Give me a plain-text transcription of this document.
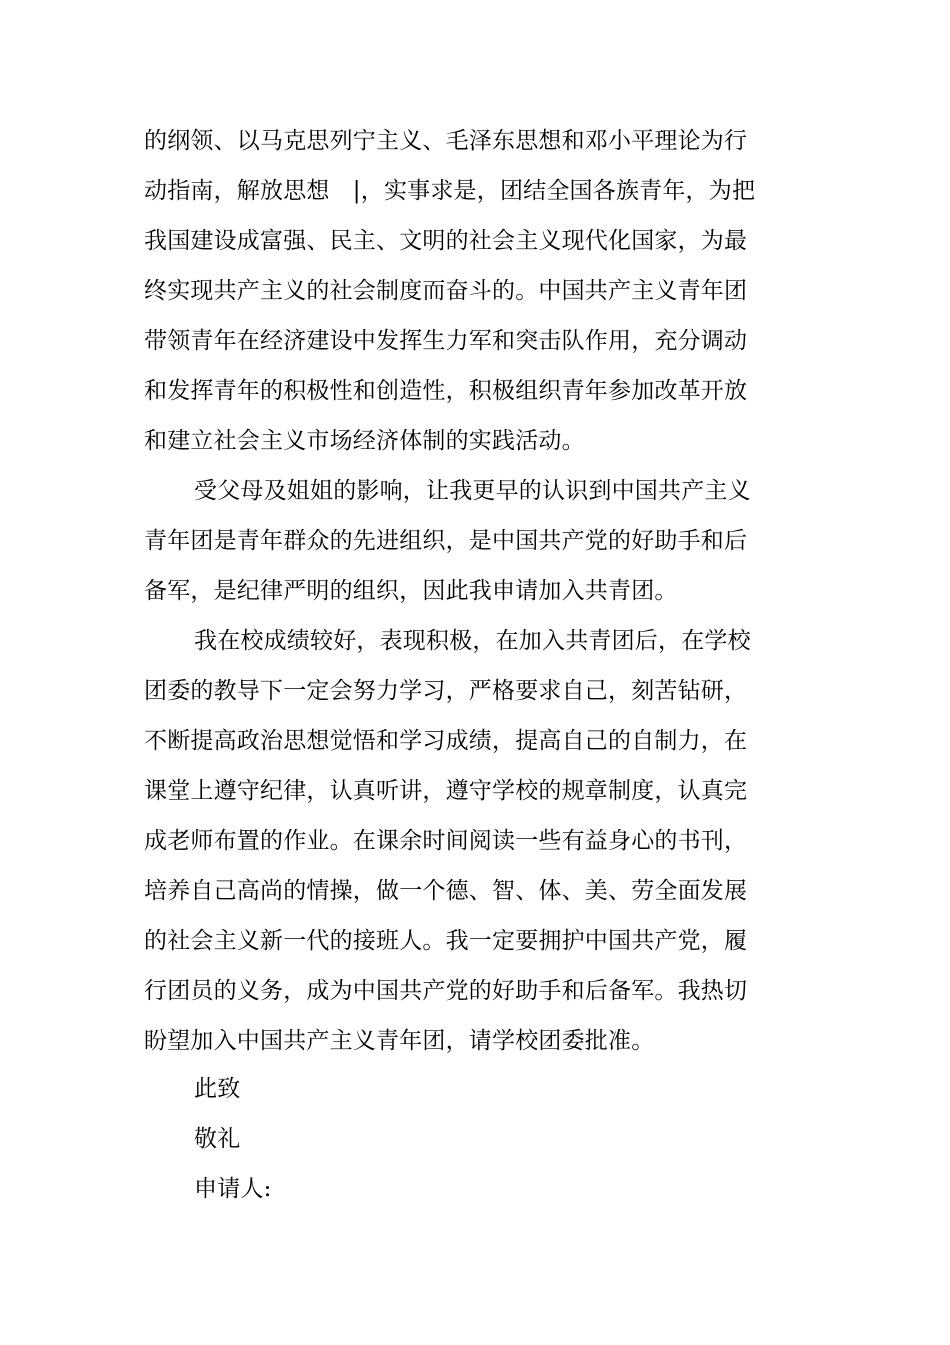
的纲领、以马克思列宁主义、毛泽东思想和邓小平理论为行
动指南，解放思想　|，实事求是，团结全国各族青年，为把
我国建设成富强、民主、文明的社会主义现代化国家，为最
终实现共产主义的社会制度而奋斗的。中国共产主义青年团
带领青年在经济建设中发挥生力军和突击队作用，充分调动
和发挥青年的积极性和创造性，积极组织青年参加改革开放
和建立社会主义市场经济体制的实践活动。
受父母及姐姐的影响，让我更早的认识到中国共产主义
青年团是青年群众的先进组织，是中国共产党的好助手和后
备军，是纪律严明的组织，因此我申请加入共青团。
我在校成绩较好，表现积极，在加入共青团后，在学校
团委的教导下一定会努力学习，严格要求自己，刻苦钻研，
不断提高政治思想觉悟和学习成绩，提高自己的自制力，在
课堂上遵守纪律，认真听讲，遵守学校的规章制度，认真完
成老师布置的作业。在课余时间阅读一些有益身心的书刊，
培养自己高尚的情操，做一个德、智、体、美、劳全面发展
的社会主义新一代的接班人。我一定要拥护中国共产党，履
行团员的义务，成为中国共产党的好助手和后备军。我热切
盼望加入中国共产主义青年团，请学校团委批准。
此致
敬礼
申请人:
